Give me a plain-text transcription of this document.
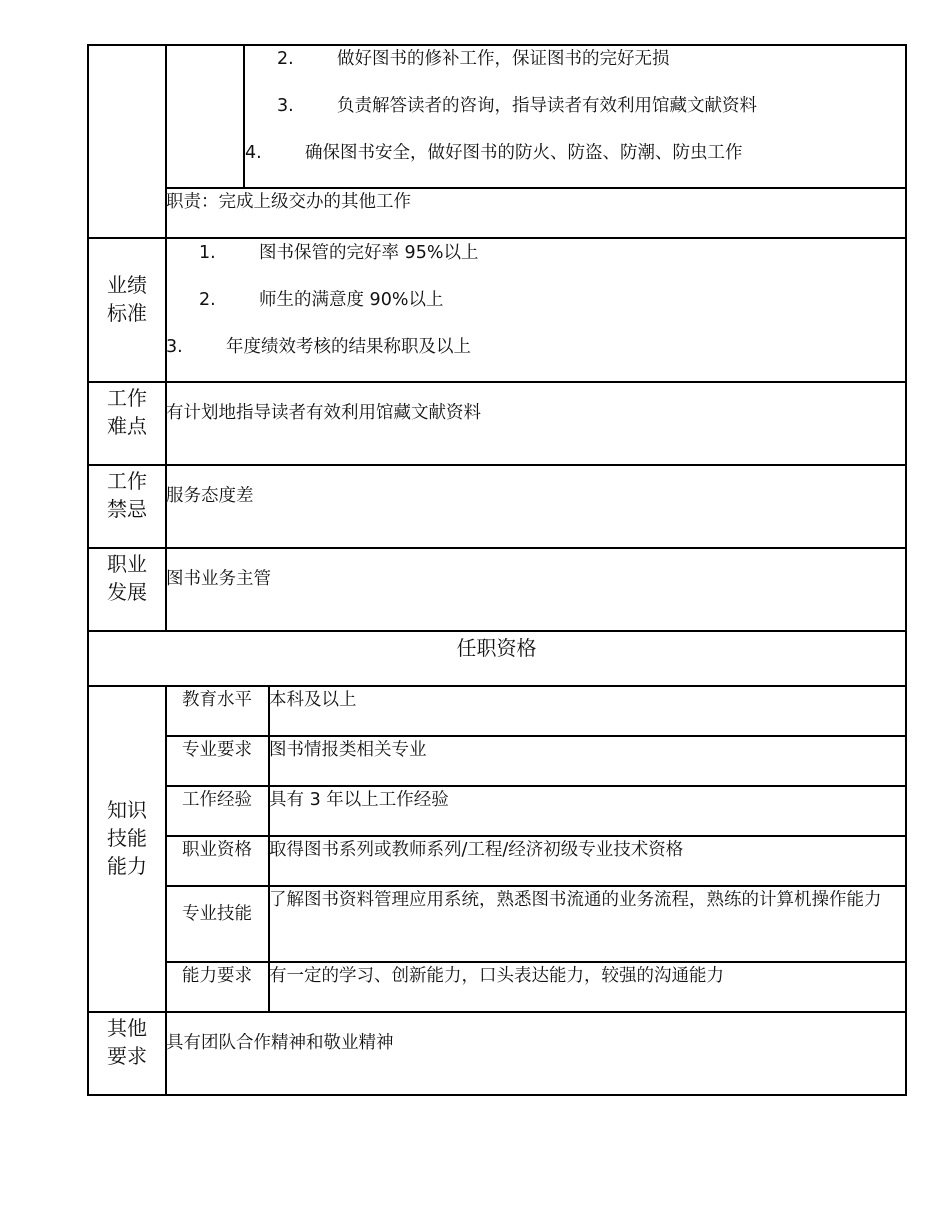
2. 做好图书的修补工作，保证图书的完好无损
3. 负责解答读者的咨询，指导读者有效利用馆藏文献资料
4. 确保图书安全，做好图书的防火、防盗、防潮、防虫工作
职责：完成上级交办的其他工作
业绩
标准
1. 图书保管的完好率 95%以上
2. 师生的满意度 90%以上
3. 年度绩效考核的结果称职及以上
工作
难点
有计划地指导读者有效利用馆藏文献资料
工作
禁忌
服务态度差
职业
发展
图书业务主管
任职资格
知识
技能
能力
教育水平 本科及以上
专业要求 图书情报类相关专业
工作经验 具有 3 年以上工作经验
职业资格 取得图书系列或教师系列/工程/经济初级专业技术资格
专业技能
了解图书资料管理应用系统，熟悉图书流通的业务流程，熟练的计算机操作能力
能力要求 有一定的学习、创新能力，口头表达能力，较强的沟通能力
其他
要求
具有团队合作精神和敬业精神
